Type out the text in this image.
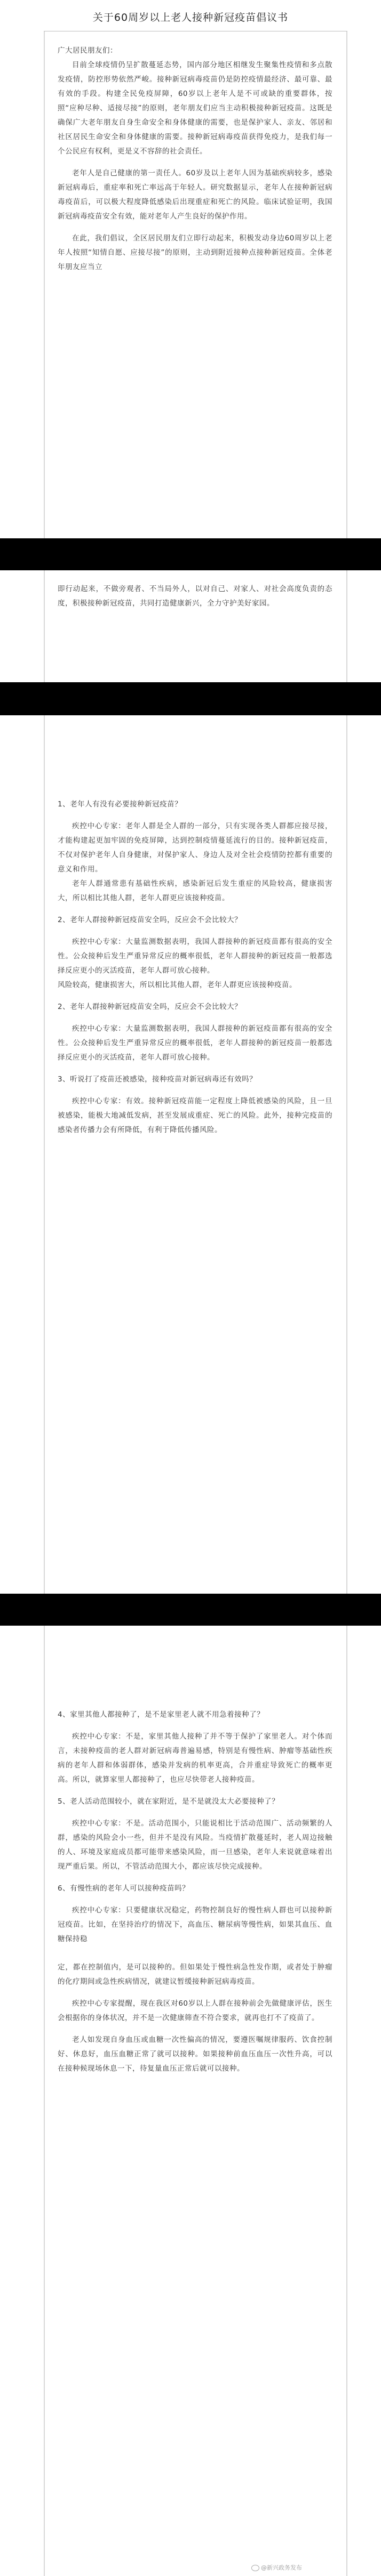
关于60周岁以上老人接种新冠疫苗倡议书

广大居民朋友们：

目前全球疫情仍呈扩散蔓延态势，国内部分地区相继发生聚集性疫情和多点散发疫情，防控形势依然严峻。接种新冠病毒疫苗仍是防控疫情最经济、最可靠、最有效的手段。构建全民免疫屏障，60岁以上老年人是不可或缺的重要群体，按照“应种尽种、适接尽接”的原则，老年朋友们应当主动积极接种新冠疫苗。这既是确保广大老年朋友自身生命安全和身体健康的需要，也是保护家人、亲友、邻居和社区居民生命安全和身体健康的需要。接种新冠病毒疫苗获得免疫力，是我们每一个公民应有权利，更是义不容辞的社会责任。

老年人是自己健康的第一责任人。60岁及以上老年人因为基础疾病较多，感染新冠病毒后，重症率和死亡率远高于年轻人。研究数据显示，老年人在接种新冠病毒疫苗后，可以极大程度降低感染后出现重症和死亡的风险。临床试验证明，我国新冠病毒疫苗安全有效，能对老年人产生良好的保护作用。

在此，我们倡议，全区居民朋友们立即行动起来，积极发动身边60周岁以上老年人按照“知情自愿、应接尽接”的原则，主动到附近接种点接种新冠疫苗。全体老年朋友应当立

即行动起来，不做旁观者、不当局外人，以对自己、对家人、对社会高度负责的态度，积极接种新冠疫苗，共同打造健康新兴，全力守护美好家园。

1、老年人有没有必要接种新冠疫苗？

疾控中心专家：老年人群是全人群的一部分，只有实现各类人群都应接尽接，才能构建起更加牢固的免疫屏障，达到控制疫情蔓延流行的目的。接种新冠疫苗，不仅对保护老年人自身健康，对保护家人、身边人及对全社会疫情防控都有重要的意义和作用。

老年人群通常患有基础性疾病，感染新冠后发生重症的风险较高，健康损害大，所以相比其他人群，老年人群更应该接种疫苗。

2、老年人群接种新冠疫苗安全吗，反应会不会比较大？

疾控中心专家：大量监测数据表明，我国人群接种的新冠疫苗都有很高的安全性。公众接种后发生严重异常反应的概率很低，老年人群接种的新冠疫苗一般都选择反应更小的灭活疫苗，老年人群可放心接种。

风险较高，健康损害大，所以相比其他人群，老年人群更应该接种疫苗。

2、老年人群接种新冠疫苗安全吗，反应会不会比较大？

疾控中心专家：大量监测数据表明，我国人群接种的新冠疫苗都有很高的安全性。公众接种后发生严重异常反应的概率很低，老年人群接种的新冠疫苗一般都选择反应更小的灭活疫苗，老年人群可放心接种。

3、听说打了疫苗还被感染，接种疫苗对新冠病毒还有效吗？

疾控中心专家：有效。接种新冠疫苗能一定程度上降低被感染的风险，且一旦被感染，能极大地减低发病，甚至发展成重症、死亡的风险。此外，接种完疫苗的感染者传播力会有所降低，有利于降低传播风险。

4、家里其他人都接种了，是不是家里老人就不用急着接种了？

疾控中心专家：不是，家里其他人接种了并不等于保护了家里老人。对个体而言，未接种疫苗的老人群对新冠病毒普遍易感，特别是有慢性病、肿瘤等基础性疾病的老年人群和体弱群体，感染并发病的机率更高，合并重症导致死亡的概率更高。所以，就算家里人都接种了，也应尽快带老人接种疫苗。

5、老人活动范围较小，就在家附近，是不是就没太大必要接种了？

疾控中心专家：不是。活动范围小，只能说相比于活动范围广、活动频繁的人群，感染的风险会小一些，但并不是没有风险。当疫情扩散蔓延时，老人周边接触的人、环境及家庭成员都可能带来感染风险，而一旦感染，老年人来说就意味着出现严重后果。所以，不管活动范围大小，都应该尽快完成接种。

6、有慢性病的老年人可以接种疫苗吗？

疾控中心专家：只要健康状况稳定，药物控制良好的慢性病人群也可以接种新冠疫苗。比如，在坚持治疗的情况下，高血压、糖尿病等慢性病，如果其血压、血糖保持稳

定，都在控制值内，是可以接种的。但如果处于慢性病急性发作期，或者处于肿瘤的化疗期间或急性疾病情况，就建议暂缓接种新冠病毒疫苗。

疾控中心专家提醒，现在我区对60岁以上人群在接种前会先做健康评估，医生会根据你的身体状况，并不是一次健康筛查不符合要求，就再也打不了疫苗了。

老人如发现自身血压或血糖一次性偏高的情况，要遵医嘱规律服药、饮食控制好、休息好，血压血糖正常了就可以接种。如果接种前血压血压一次性升高，可以在接种候现场休息一下，待复量血压正常后就可以接种。

@新兴政务发布
